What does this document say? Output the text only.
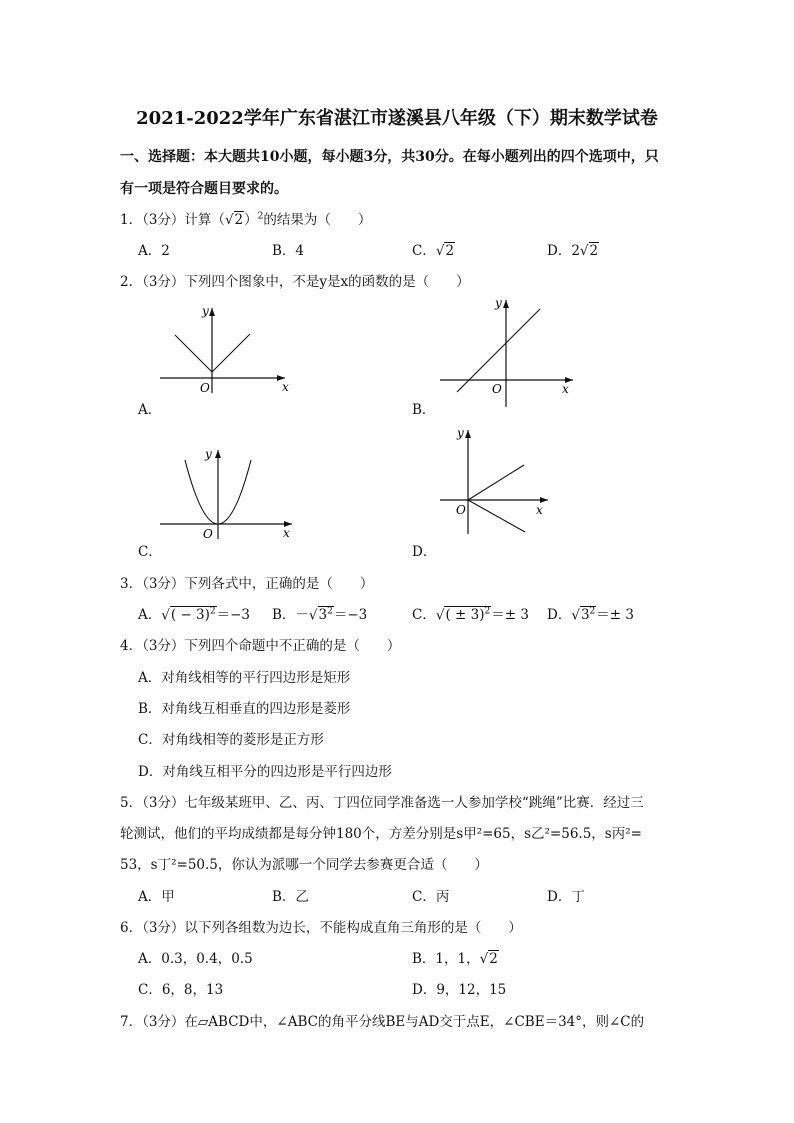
2021-2022学年广东省湛江市遂溪县八年级（下）期末数学试卷
一、选择题：本大题共10小题，每小题3分，共30分。在每小题列出的四个选项中，只
有一项是符合题目要求的。
1．（3分）计算$(√2)^2$的结果为（　　）
A．2	B．4	C．√2	D．2√2
2．（3分）下列四个图象中，不是y是x的函数的是（　　）
y
O	x
A．
y
O	x
B．
y
O	x
C．
y
O	x
D．
3．（3分）下列各式中，正确的是（　　）
A．√( − 3)$^2$＝−3 B．$-√3^2=-3$	C．√( ± 3)$^2$＝± 3 D．$√3^2=\pm 3$
4．（3分）下列四个命题中不正确的是（　　）
A．对角线相等的平行四边形是矩形
B．对角线互相垂直的四边形是菱形
C．对角线相等的菱形是正方形
D．对角线互相平分的四边形是平行四边形
5．（3分）七年级某班甲、乙、丙、丁四位同学准备选一人参加学校“跳绳”比赛．经过三
轮测试，他们的平均成绩都是每分钟180个，方差分别是s甲²=65，s乙²=56.5，s丙²=
53，s丁²=50.5，你认为派哪一个同学去参赛更合适（　　）
A．甲	B．乙	C．丙	D．丁
6．（3分）以下列各组数为边长，不能构成直角三角形的是（　　）
A．0.3，0.4，0.5	B．1，1，√2
C．6，8，13	D．9，12，15
7．（3分）在▱ABCD中，∠ABC的角平分线BE与AD交于点E，∠CBE＝34°，则∠C的
